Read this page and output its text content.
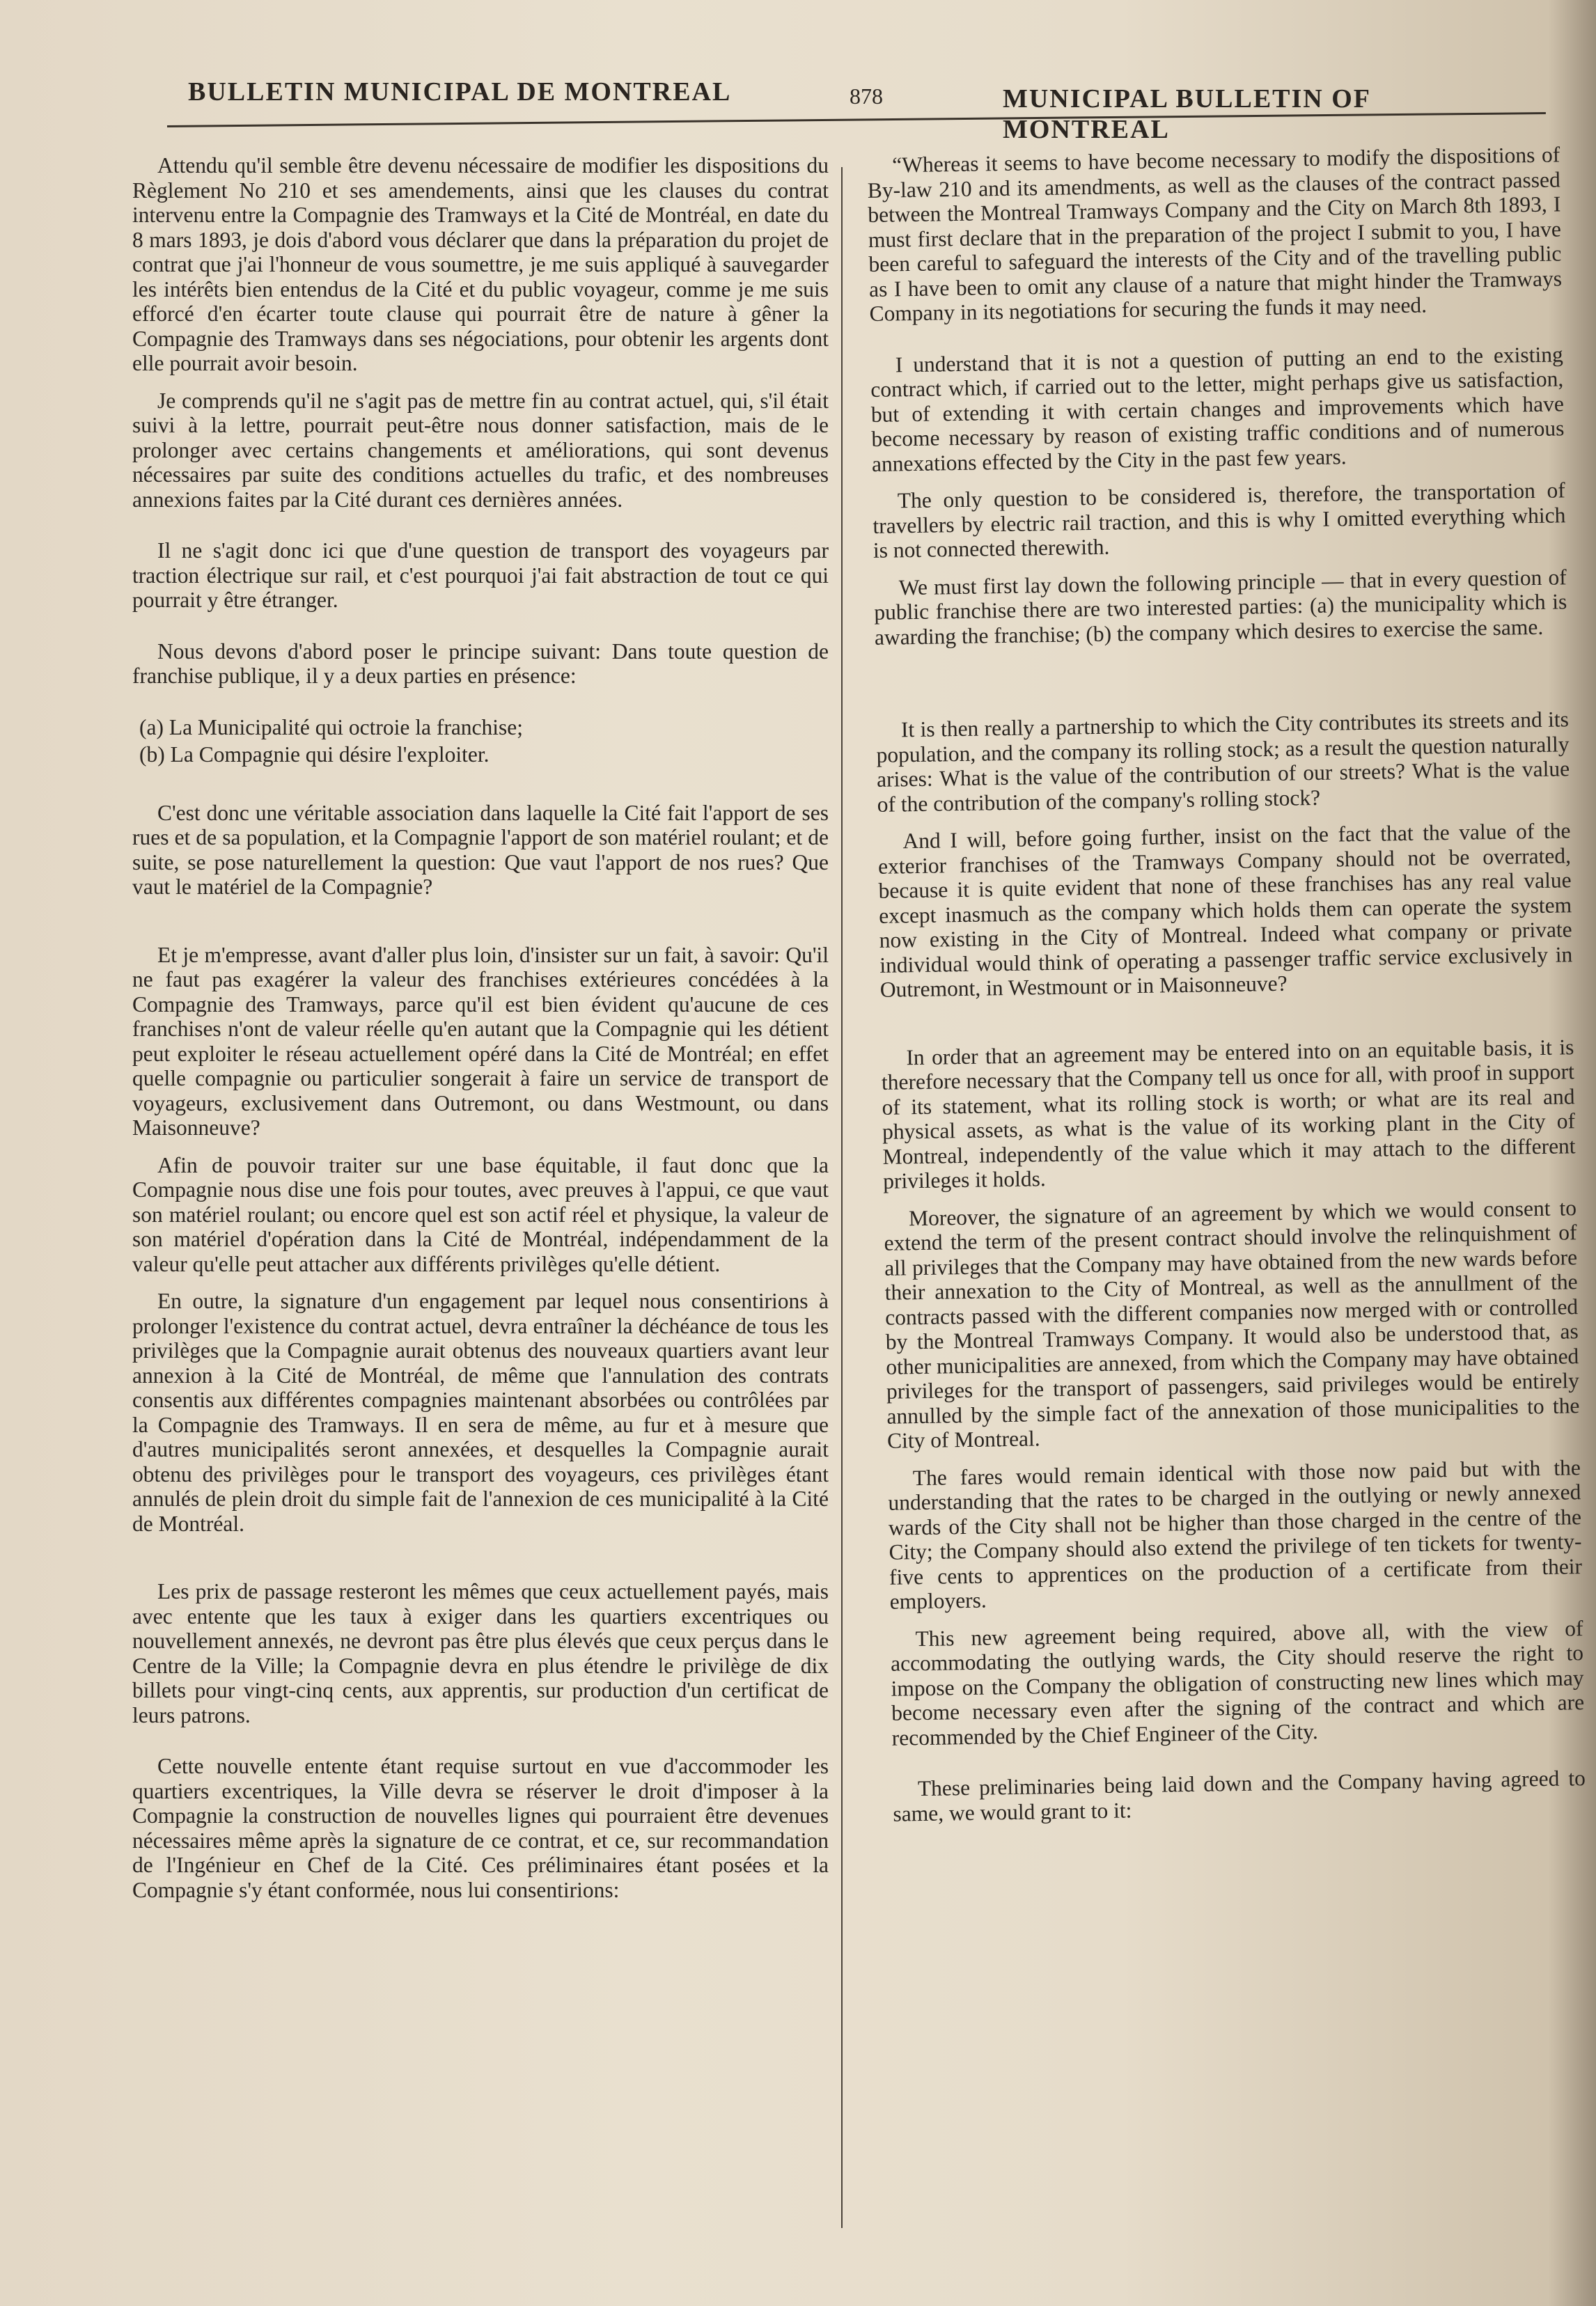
BULLETIN MUNICIPAL DE MONTREAL	878	MUNICIPAL BULLETIN OF MONTREAL

Attendu qu'il semble être devenu nécessaire de modifier les dispositions du Règlement No 210 et ses amendements, ainsi que les clauses du contrat intervenu entre la Compagnie des Tramways et la Cité de Montréal, en date du 8 mars 1893, je dois d'abord vous déclarer que dans la préparation du projet de contrat que j'ai l'honneur de vous soumettre, je me suis appliqué à sauvegarder les intérêts bien entendus de la Cité et du public voyageur, comme je me suis efforcé d'en écarter toute clause qui pourrait être de nature à gêner la Compagnie des Tramways dans ses négociations, pour obtenir les argents dont elle pourrait avoir besoin.

Je comprends qu'il ne s'agit pas de mettre fin au contrat actuel, qui, s'il était suivi à la lettre, pourrait peut-être nous donner satisfaction, mais de le prolonger avec certains changements et améliorations, qui sont devenus nécessaires par suite des conditions actuelles du trafic, et des nombreuses annexions faites par la Cité durant ces dernières années.

Il ne s'agit donc ici que d'une question de transport des voyageurs par traction électrique sur rail, et c'est pourquoi j'ai fait abstraction de tout ce qui pourrait y être étranger.

Nous devons d'abord poser le principe suivant: Dans toute question de franchise publique, il y a deux parties en présence:

(a) La Municipalité qui octroie la franchise;

(b) La Compagnie qui désire l'exploiter.

C'est donc une véritable association dans laquelle la Cité fait l'apport de ses rues et de sa population, et la Compagnie l'apport de son matériel roulant; et de suite, se pose naturellement la question: Que vaut l'apport de nos rues? Que vaut le matériel de la Compagnie?

Et je m'empresse, avant d'aller plus loin, d'insister sur un fait, à savoir: Qu'il ne faut pas exagérer la valeur des franchises extérieures concédées à la Compagnie des Tramways, parce qu'il est bien évident qu'aucune de ces franchises n'ont de valeur réelle qu'en autant que la Compagnie qui les détient peut exploiter le réseau actuellement opéré dans la Cité de Montréal; en effet quelle compagnie ou particulier songerait à faire un service de transport de voyageurs, exclusivement dans Outremont, ou dans Westmount, ou dans Maisonneuve?

Afin de pouvoir traiter sur une base équitable, il faut donc que la Compagnie nous dise une fois pour toutes, avec preuves à l'appui, ce que vaut son matériel roulant; ou encore quel est son actif réel et physique, la valeur de son matériel d'opération dans la Cité de Montréal, indépendamment de la valeur qu'elle peut attacher aux différents privilèges qu'elle détient.

En outre, la signature d'un engagement par lequel nous consentirions à prolonger l'existence du contrat actuel, devra entraîner la déchéance de tous les privilèges que la Compagnie aurait obtenus des nouveaux quartiers avant leur annexion à la Cité de Montréal, de même que l'annulation des contrats consentis aux différentes compagnies maintenant absorbées ou contrôlées par la Compagnie des Tramways. Il en sera de même, au fur et à mesure que d'autres municipalités seront annexées, et desquelles la Compagnie aurait obtenu des privilèges pour le transport des voyageurs, ces privilèges étant annulés de plein droit du simple fait de l'annexion de ces municipalité à la Cité de Montréal.

Les prix de passage resteront les mêmes que ceux actuellement payés, mais avec entente que les taux à exiger dans les quartiers excentriques ou nouvellement annexés, ne devront pas être plus élevés que ceux perçus dans le Centre de la Ville; la Compagnie devra en plus étendre le privilège de dix billets pour vingt-cinq cents, aux apprentis, sur production d'un certificat de leurs patrons.

Cette nouvelle entente étant requise surtout en vue d'accommoder les quartiers excentriques, la Ville devra se réserver le droit d'imposer à la Compagnie la construction de nouvelles lignes qui pourraient être devenues nécessaires même après la signature de ce contrat, et ce, sur recommandation de l'Ingénieur en Chef de la Cité. Ces préliminaires étant posées et la Compagnie s'y étant conformée, nous lui consentirions:

“Whereas it seems to have become necessary to modify the dispositions of By-law 210 and its amendments, as well as the clauses of the contract passed between the Montreal Tramways Company and the City on March 8th 1893, I must first declare that in the preparation of the project I submit to you, I have been careful to safeguard the interests of the City and of the travelling public as I have been to omit any clause of a nature that might hinder the Tramways Company in its negotiations for securing the funds it may need.

I understand that it is not a question of putting an end to the existing contract which, if carried out to the letter, might perhaps give us satisfaction, but of extending it with certain changes and improvements which have become necessary by reason of existing traffic conditions and of numerous annexations effected by the City in the past few years.

The only question to be considered is, therefore, the transportation of travellers by electric rail traction, and this is why I omitted everything which is not connected therewith.

We must first lay down the following principle — that in every question of public franchise there are two interested parties: (a) the municipality which is awarding the franchise; (b) the company which desires to exercise the same.

It is then really a partnership to which the City contributes its streets and its population, and the company its rolling stock; as a result the question naturally arises: What is the value of the contribution of our streets? What is the value of the contribution of the company's rolling stock?

And I will, before going further, insist on the fact that the value of the exterior franchises of the Tramways Company should not be overrated, because it is quite evident that none of these franchises has any real value except inasmuch as the company which holds them can operate the system now existing in the City of Montreal. Indeed what company or private individual would think of operating a passenger traffic service exclusively in Outremont, in Westmount or in Maisonneuve?

In order that an agreement may be entered into on an equitable basis, it is therefore necessary that the Company tell us once for all, with proof in support of its statement, what its rolling stock is worth; or what are its real and physical assets, as what is the value of its working plant in the City of Montreal, independently of the value which it may attach to the different privileges it holds.

Moreover, the signature of an agreement by which we would consent to extend the term of the present contract should involve the relinquishment of all privileges that the Company may have obtained from the new wards before their annexation to the City of Montreal, as well as the annullment of the contracts passed with the different companies now merged with or controlled by the Montreal Tramways Company. It would also be understood that, as other municipalities are annexed, from which the Company may have obtained privileges for the transport of passengers, said privileges would be entirely annulled by the simple fact of the annexation of those municipalities to the City of Montreal.

The fares would remain identical with those now paid but with the understanding that the rates to be charged in the outlying or newly annexed wards of the City shall not be higher than those charged in the centre of the City; the Company should also extend the privilege of ten tickets for twenty-five cents to apprentices on the production of a certificate from their employers.

This new agreement being required, above all, with the view of accommodating the outlying wards, the City should reserve the right to impose on the Company the obligation of constructing new lines which may become necessary even after the signing of the contract and which are recommended by the Chief Engineer of the City.

These preliminaries being laid down and the Company having agreed to same, we would grant to it:
